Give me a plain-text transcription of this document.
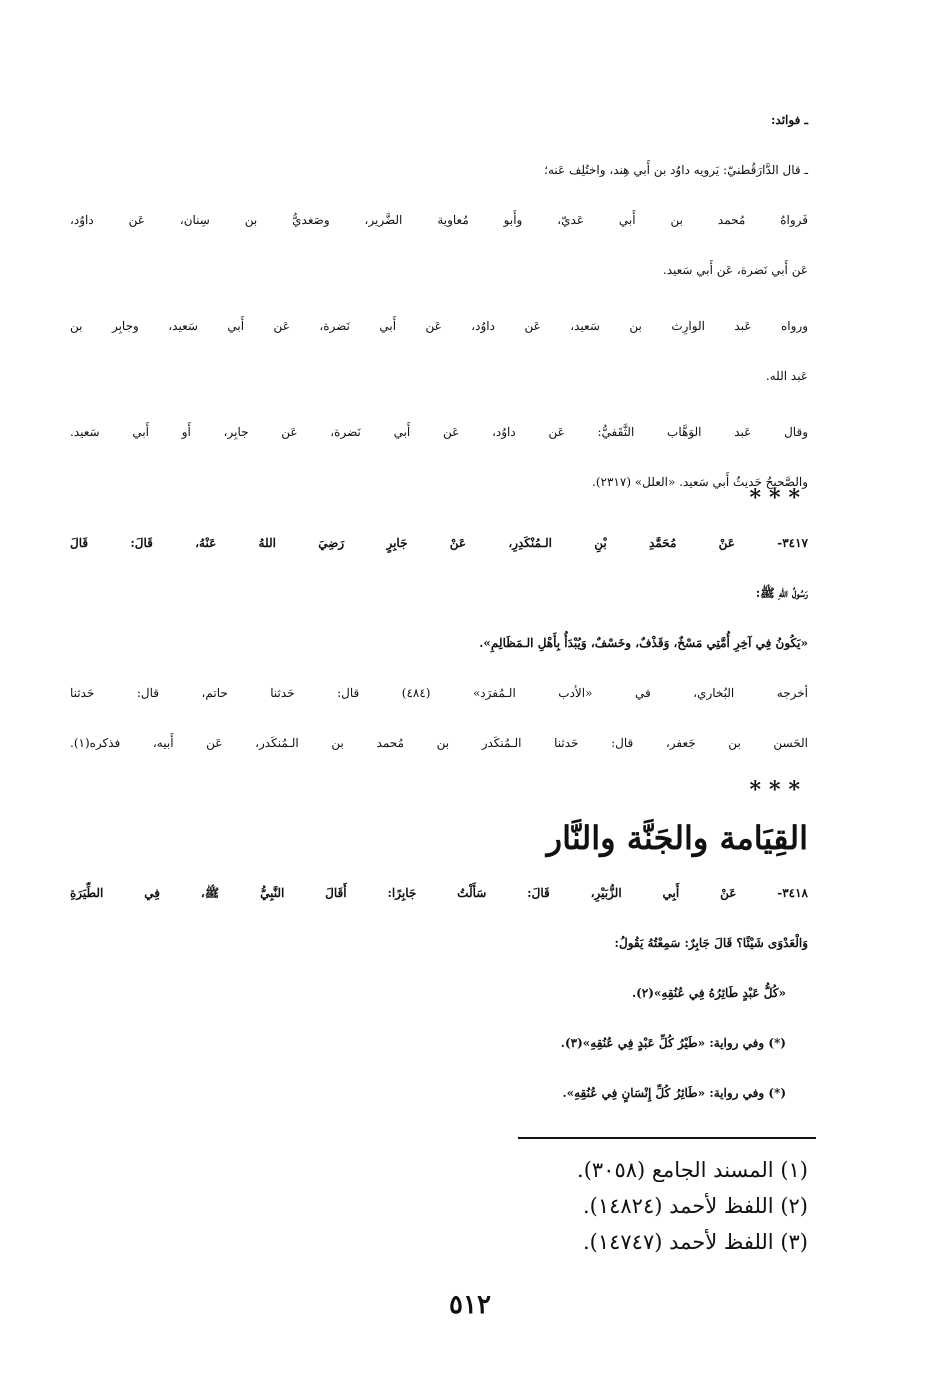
ـ فوائد:
ـ قال الدَّارَقُطنيّ: يَرويه داوُد بن أَبي هِند، واختُلِف عَنه؛
فَرواهُ مُحمد بن أَبي عَديّ، وأَبو مُعاوية الضَّرير، وصَغديُّ بن سِنان، عَن داوُد،
عَن أَبي نَضرة، عَن أَبي سَعيد.
ورواه عَبد الوارِث بن سَعيد، عَن داوُد، عَن أَبي نَضرة، عَن أَبي سَعيد، وجابِر بن
عَبد الله.
وقال عَبد الوَهَّاب الثَّقَفيُّ: عَن داوُد، عَن أَبي نَضرة، عَن جابِر، أَو أَبي سَعيد.
والصَّحيحُ حَديثُ أَبي سَعيد. «العلل» (٢٣١٧).
***
٣٤١٧- عَنْ مُحَمَّدِ بْنِ الـمُنْكَدِرِ، عَنْ جَابِرٍ رَضِيَ اللهُ عَنْهُ، قَالَ: قَالَ
رَسُولُ اللهِ ﷺ:
«يَكُونُ فِي آخِرِ أُمَّتِي مَسْخٌ، وَقَذْفٌ، وخَسْفٌ، وَيُبْدَأُ بِأَهْلِ الـمَظَالِمِ».
أخرجه البُخاري، في «الأدب الـمُفرَد» (٤٨٤) قال: حَدثنا حاتم، قال: حَدثنا
الحَسن بن جَعفر، قال: حَدثنا الـمُنكَدر بن مُحمد بن الـمُنكَدر، عَن أَبيه، فذكره(١).
***
القِيَامة والجَنَّة والنَّار
٣٤١٨- عَنْ أَبِي الزُّبَيْرِ، قَالَ: سَأَلْتُ جَابِرًا: أَقَالَ النَّبِيُّ ﷺ، فِي الطِّيَرَةِ
وَالْعَدْوَى شَيْئًا؟ قَالَ جَابِرٌ: سَمِعْتُهُ يَقُولُ:
«كُلُّ عَبْدٍ طَائِرُهُ فِي عُنُقِهِ»(٢).
(*) وفي رواية: «طَيْرُ كُلِّ عَبْدٍ فِي عُنُقِهِ»(٣).
(*) وفي رواية: «طَائِرُ كُلِّ إِنْسَانٍ فِي عُنُقِهِ».
(١) المسند الجامع (٣٠٥٨).
(٢) اللفظ لأحمد (١٤٨٢٤).
(٣) اللفظ لأحمد (١٤٧٤٧).
٥١٢
